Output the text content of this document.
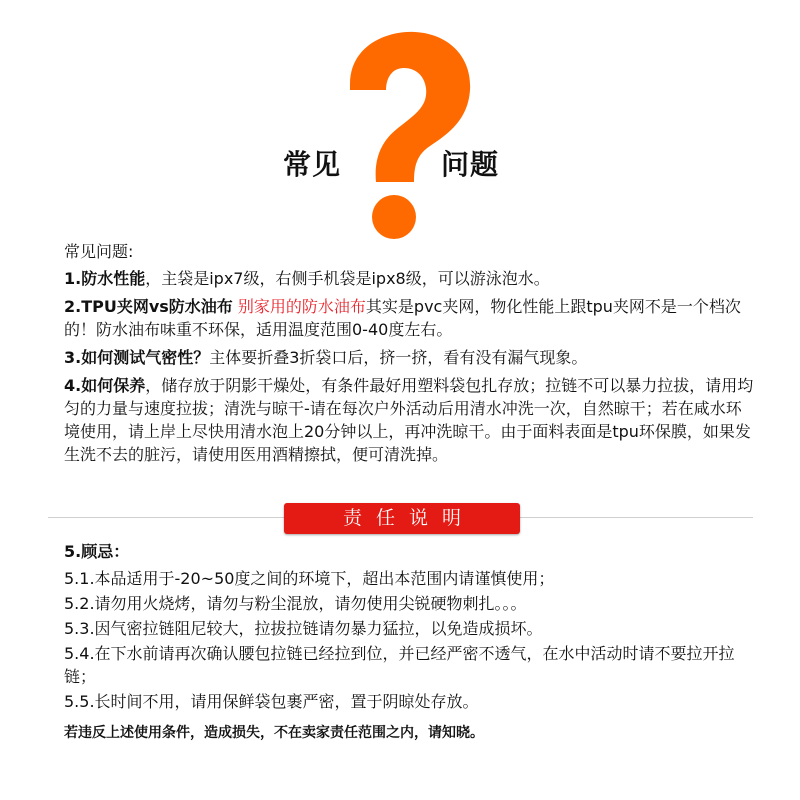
常见	问题
常见问题:
1.防水性能，主袋是ipx7级，右侧手机袋是ipx8级，可以游泳泡水。
2.TPU夹网vs防水油布 别家用的防水油布其实是pvc夹网，物化性能上跟tpu夹网不是一个档次的！防水油布味重不环保，适用温度范围0-40度左右。
3.如何测试气密性？主体要折叠3折袋口后，挤一挤，看有没有漏气现象。
4.如何保养，储存放于阴影干燥处，有条件最好用塑料袋包扎存放；拉链不可以暴力拉拔，请用均匀的力量与速度拉拔；清洗与晾干-请在每次户外活动后用清水冲洗一次，自然晾干；若在咸水环境使用，请上岸上尽快用清水泡上20分钟以上，再冲洗晾干。由于面料表面是tpu环保膜，如果发生洗不去的脏污，请使用医用酒精擦拭，便可清洗掉。
责任说明
5.顾忌：
5.1.本品适用于-20~50度之间的环境下，超出本范围内请谨慎使用；
5.2.请勿用火烧烤，请勿与粉尘混放，请勿使用尖锐硬物刺扎。。。
5.3.因气密拉链阻尼较大，拉拔拉链请勿暴力猛拉，以免造成损坏。
5.4.在下水前请再次确认腰包拉链已经拉到位，并已经严密不透气，在水中活动时请不要拉开拉链；
5.5.长时间不用，请用保鲜袋包裹严密，置于阴晾处存放。
若违反上述使用条件，造成损失，不在卖家责任范围之内，请知晓。
